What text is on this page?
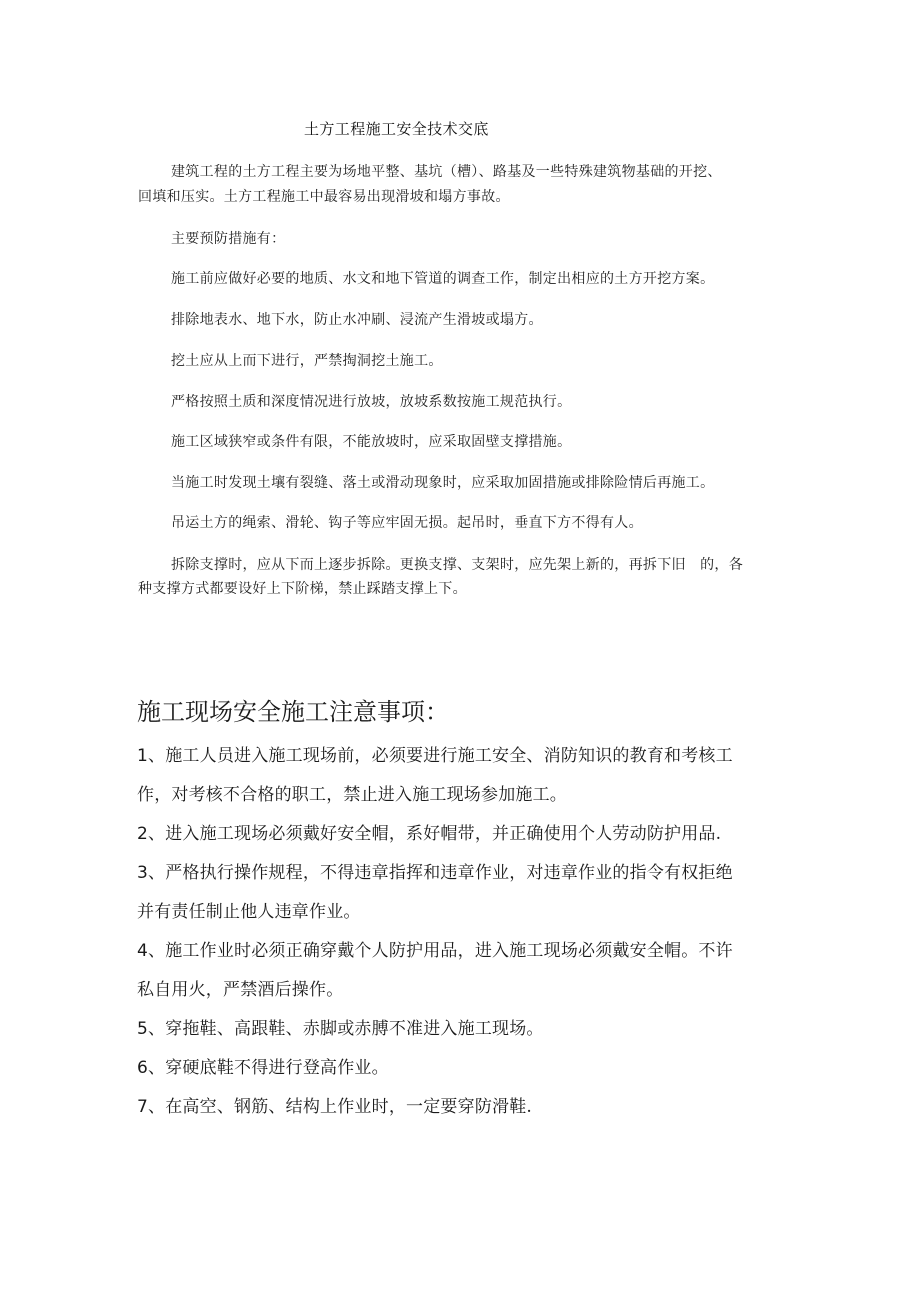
土方工程施工安全技术交底
建筑工程的土方工程主要为场地平整、基坑（槽）、路基及一些特殊建筑物基础的开挖、
回填和压实。土方工程施工中最容易出现滑坡和塌方事故。
主要预防措施有：
施工前应做好必要的地质、水文和地下管道的调查工作，制定出相应的土方开挖方案。
排除地表水、地下水，防止水冲刷、浸流产生滑坡或塌方。
挖土应从上而下进行，严禁掏洞挖土施工。
严格按照土质和深度情况进行放坡，放坡系数按施工规范执行。
施工区域狭窄或条件有限，不能放坡时，应采取固壁支撑措施。
当施工时发现土壤有裂缝、落土或滑动现象时，应采取加固措施或排除险情后再施工。
吊运土方的绳索、滑轮、钩子等应牢固无损。起吊时，垂直下方不得有人。
拆除支撑时，应从下而上逐步拆除。更换支撑、支架时，应先架上新的，再拆下旧　的，各
种支撑方式都要设好上下阶梯，禁止踩踏支撑上下。
施工现场安全施工注意事项：
1、施工人员进入施工现场前，必须要进行施工安全、消防知识的教育和考核工
作，对考核不合格的职工，禁止进入施工现场参加施工。
2、进入施工现场必须戴好安全帽，系好帽带，并正确使用个人劳动防护用品.
3、严格执行操作规程，不得违章指挥和违章作业，对违章作业的指令有权拒绝
并有责任制止他人违章作业。
4、施工作业时必须正确穿戴个人防护用品，进入施工现场必须戴安全帽。不许
私自用火，严禁酒后操作。
5、穿拖鞋、高跟鞋、赤脚或赤膊不准进入施工现场。
6、穿硬底鞋不得进行登高作业。
7、在高空、钢筋、结构上作业时，一定要穿防滑鞋.
